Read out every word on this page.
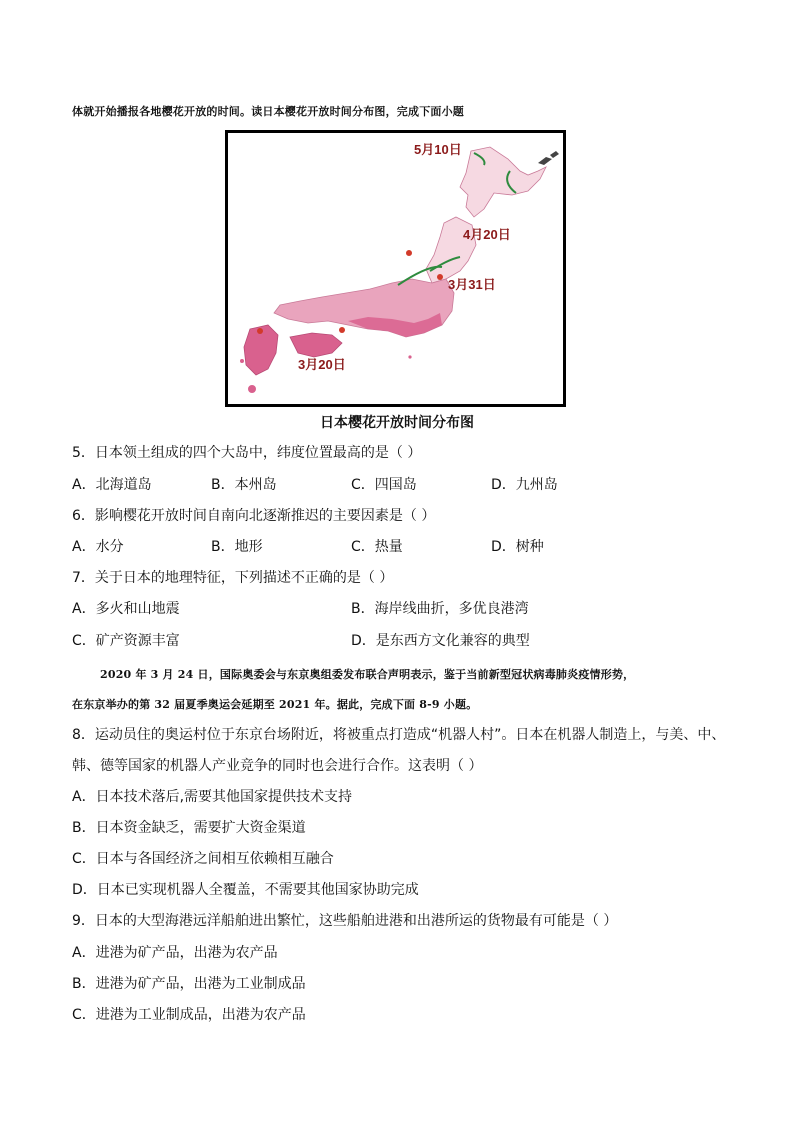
体就开始播报各地樱花开放的时间。读日本樱花开放时间分布图，完成下面小题
5月10日
4月20日
3月31日
3月20日
日本樱花开放时间分布图
5．日本领土组成的四个大岛中，纬度位置最高的是（ ）
A．北海道岛	B．本州岛	C．四国岛	D．九州岛
6．影响樱花开放时间自南向北逐渐推迟的主要因素是（ ）
A．水分	B．地形	C．热量	D．树种
7．关于日本的地理特征，下列描述不正确的是（ ）
A．多火和山地震	B．海岸线曲折，多优良港湾
C．矿产资源丰富	D．是东西方文化兼容的典型
2020 年 3 月 24 日，国际奥委会与东京奥组委发布联合声明表示，鉴于当前新型冠状病毒肺炎疫情形势，
在东京举办的第 32 届夏季奥运会延期至 2021 年。据此，完成下面 8-9 小题。
8．运动员住的奥运村位于东京台场附近，将被重点打造成“机器人村”。日本在机器人制造上，与美、中、
韩、德等国家的机器人产业竞争的同时也会进行合作。这表明（ ）
A．日本技术落后,需要其他国家提供技术支持
B．日本资金缺乏，需要扩大资金渠道
C．日本与各国经济之间相互依赖相互融合
D．日本已实现机器人全覆盖，不需要其他国家协助完成
9．日本的大型海港远洋船舶进出繁忙，这些船舶进港和出港所运的货物最有可能是（ ）
A．进港为矿产品，出港为农产品
B．进港为矿产品，出港为工业制成品
C．进港为工业制成品，出港为农产品
